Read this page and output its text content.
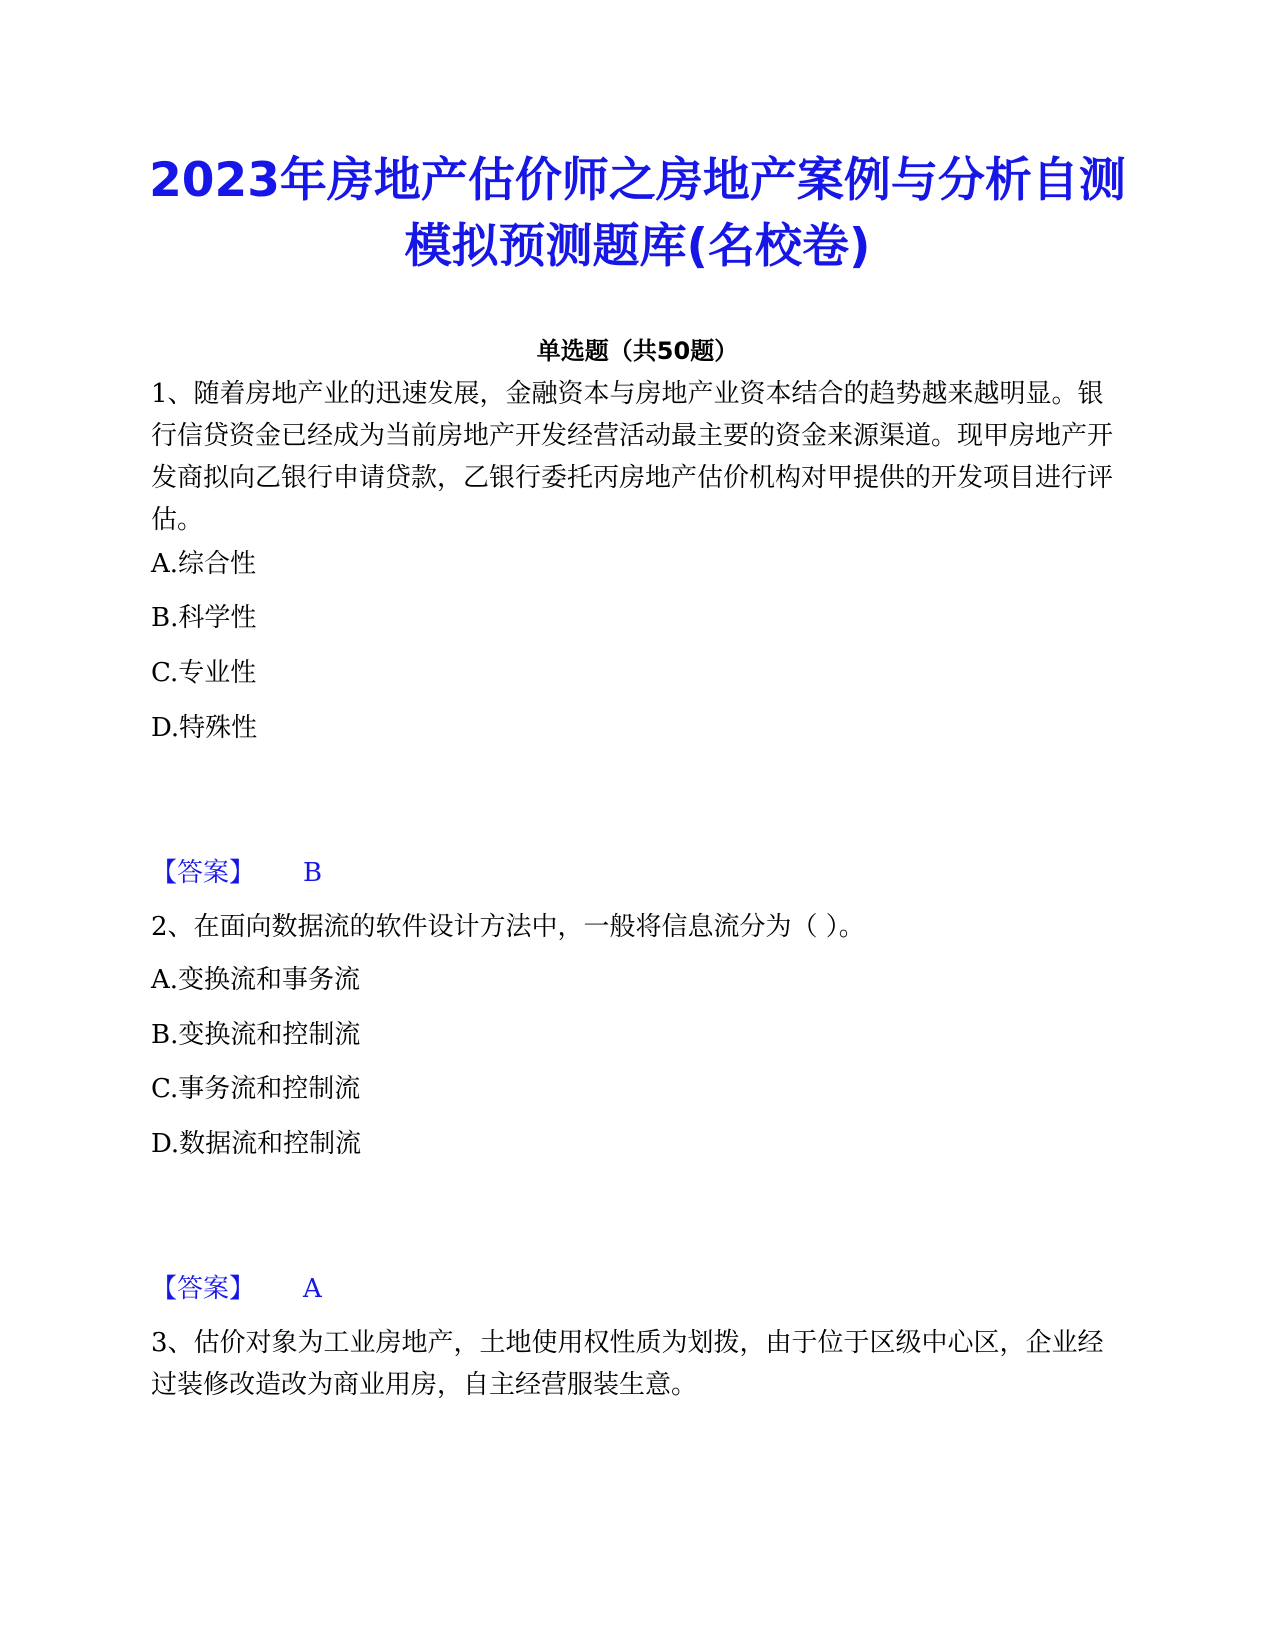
2023年房地产估价师之房地产案例与分析自测模拟预测题库(名校卷)
单选题（共50题）

1、随着房地产业的迅速发展，金融资本与房地产业资本结合的趋势越来越明显。银行信贷资金已经成为当前房地产开发经营活动最主要的资金来源渠道。现甲房地产开发商拟向乙银行申请贷款，乙银行委托丙房地产估价机构对甲提供的开发项目进行评估。

A.综合性

B.科学性

C.专业性

D.特殊性

【答案】 B

2、在面向数据流的软件设计方法中，一般将信息流分为（ ）。

A.变换流和事务流

B.变换流和控制流

C.事务流和控制流

D.数据流和控制流

【答案】 A

3、估价对象为工业房地产，土地使用权性质为划拨，由于位于区级中心区，企业经过装修改造改为商业用房，自主经营服装生意。
